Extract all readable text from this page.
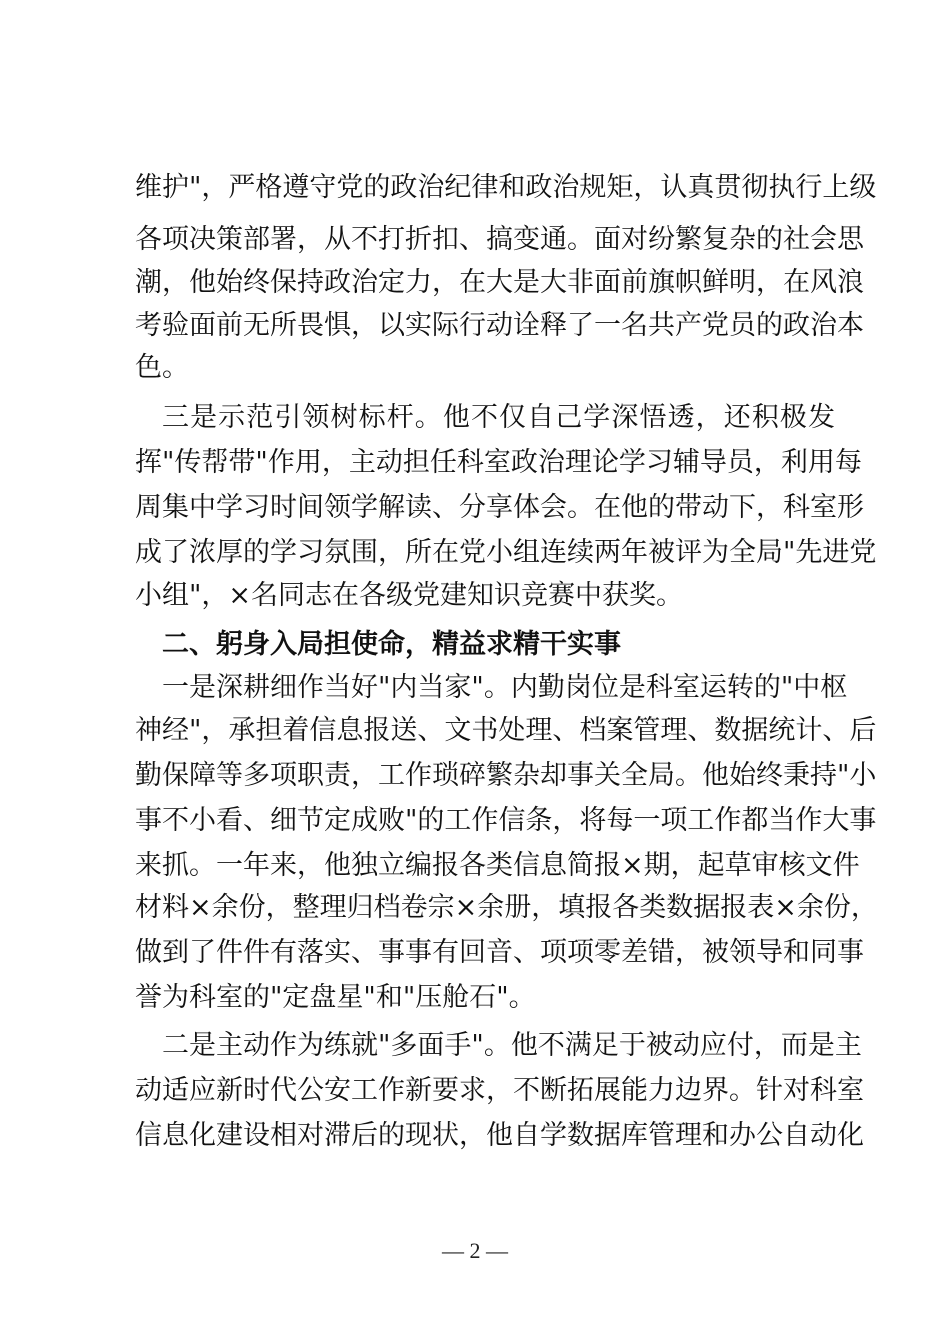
维护"，严格遵守党的政治纪律和政治规矩，认真贯彻执行上级
各项决策部署，从不打折扣、搞变通。面对纷繁复杂的社会思
潮，他始终保持政治定力，在大是大非面前旗帜鲜明，在风浪
考验面前无所畏惧，以实际行动诠释了一名共产党员的政治本
色。
三是示范引领树标杆。他不仅自己学深悟透，还积极发
挥"传帮带"作用，主动担任科室政治理论学习辅导员，利用每
周集中学习时间领学解读、分享体会。在他的带动下，科室形
成了浓厚的学习氛围，所在党小组连续两年被评为全局"先进党
小组"，×名同志在各级党建知识竞赛中获奖。
二、躬身入局担使命，精益求精干实事
一是深耕细作当好"内当家"。内勤岗位是科室运转的"中枢
神经"，承担着信息报送、文书处理、档案管理、数据统计、后
勤保障等多项职责，工作琐碎繁杂却事关全局。他始终秉持"小
事不小看、细节定成败"的工作信条，将每一项工作都当作大事
来抓。一年来，他独立编报各类信息简报×期，起草审核文件
材料×余份，整理归档卷宗×余册，填报各类数据报表×余份，
做到了件件有落实、事事有回音、项项零差错，被领导和同事
誉为科室的"定盘星"和"压舱石"。
二是主动作为练就"多面手"。他不满足于被动应付，而是主
动适应新时代公安工作新要求，不断拓展能力边界。针对科室
信息化建设相对滞后的现状，他自学数据库管理和办公自动化
— 2 —
